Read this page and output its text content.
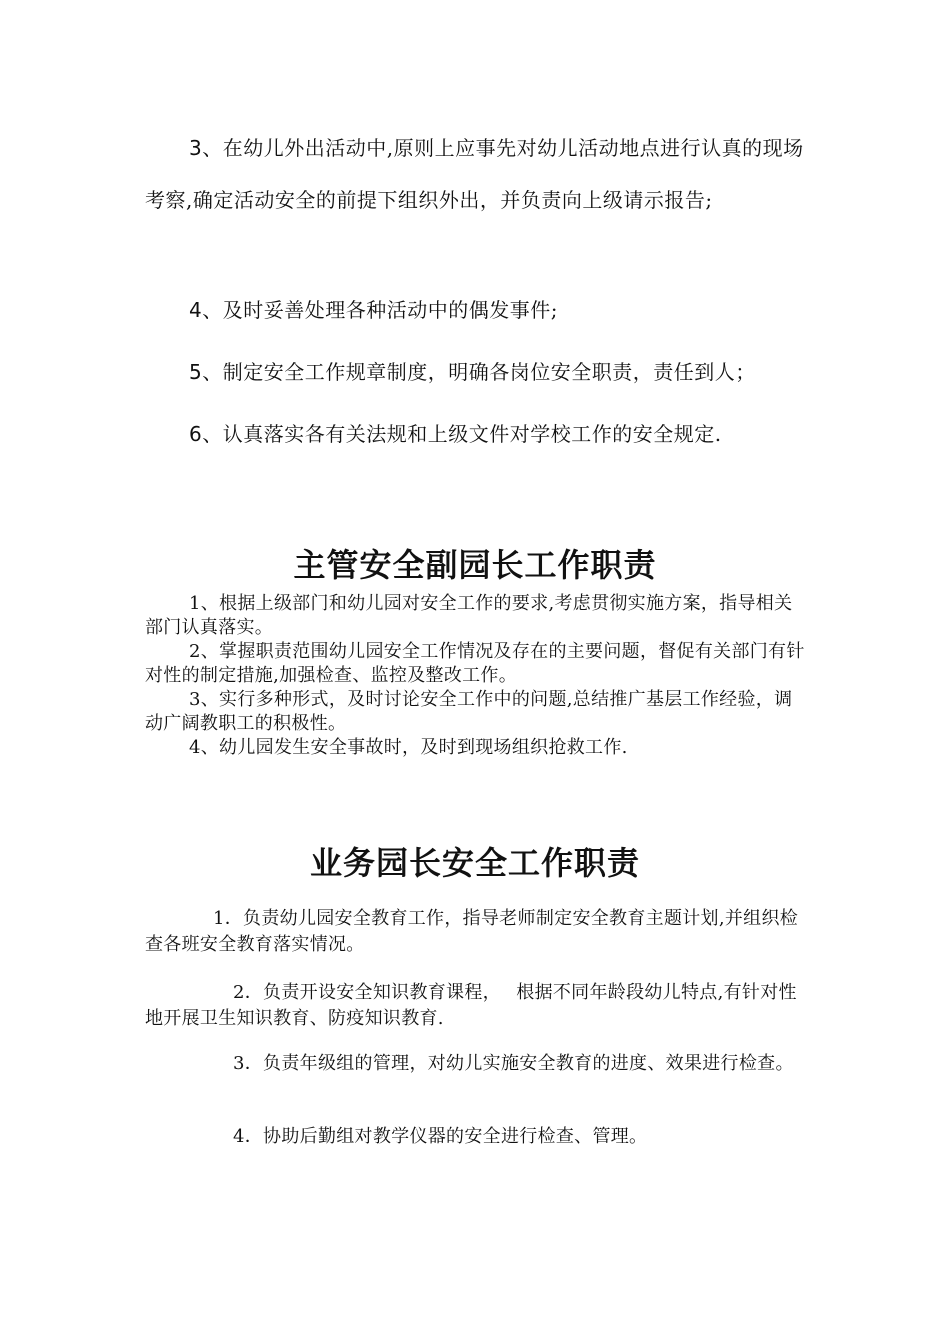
3、在幼儿外出活动中,原则上应事先对幼儿活动地点进行认真的现场考察,确定活动安全的前提下组织外出，并负责向上级请示报告;

4、及时妥善处理各种活动中的偶发事件;

5、制定安全工作规章制度，明确各岗位安全职责，责任到人；

6、认真落实各有关法规和上级文件对学校工作的安全规定.

主管安全副园长工作职责

1、根据上级部门和幼儿园对安全工作的要求,考虑贯彻实施方案，指导相关部门认真落实。

2、掌握职责范围幼儿园安全工作情况及存在的主要问题，督促有关部门有针对性的制定措施,加强检查、监控及整改工作。

3、实行多种形式，及时讨论安全工作中的问题,总结推广基层工作经验，调动广阔教职工的积极性。

4、幼儿园发生安全事故时，及时到现场组织抢救工作.

业务园长安全工作职责

1．负责幼儿园安全教育工作，指导老师制定安全教育主题计划,并组织检查各班安全教育落实情况。

2．负责开设安全知识教育课程，　 根据不同年龄段幼儿特点,有针对性地开展卫生知识教育、防疫知识教育.

3．负责年级组的管理，对幼儿实施安全教育的进度、效果进行检查。

4．协助后勤组对教学仪器的安全进行检查、管理。
